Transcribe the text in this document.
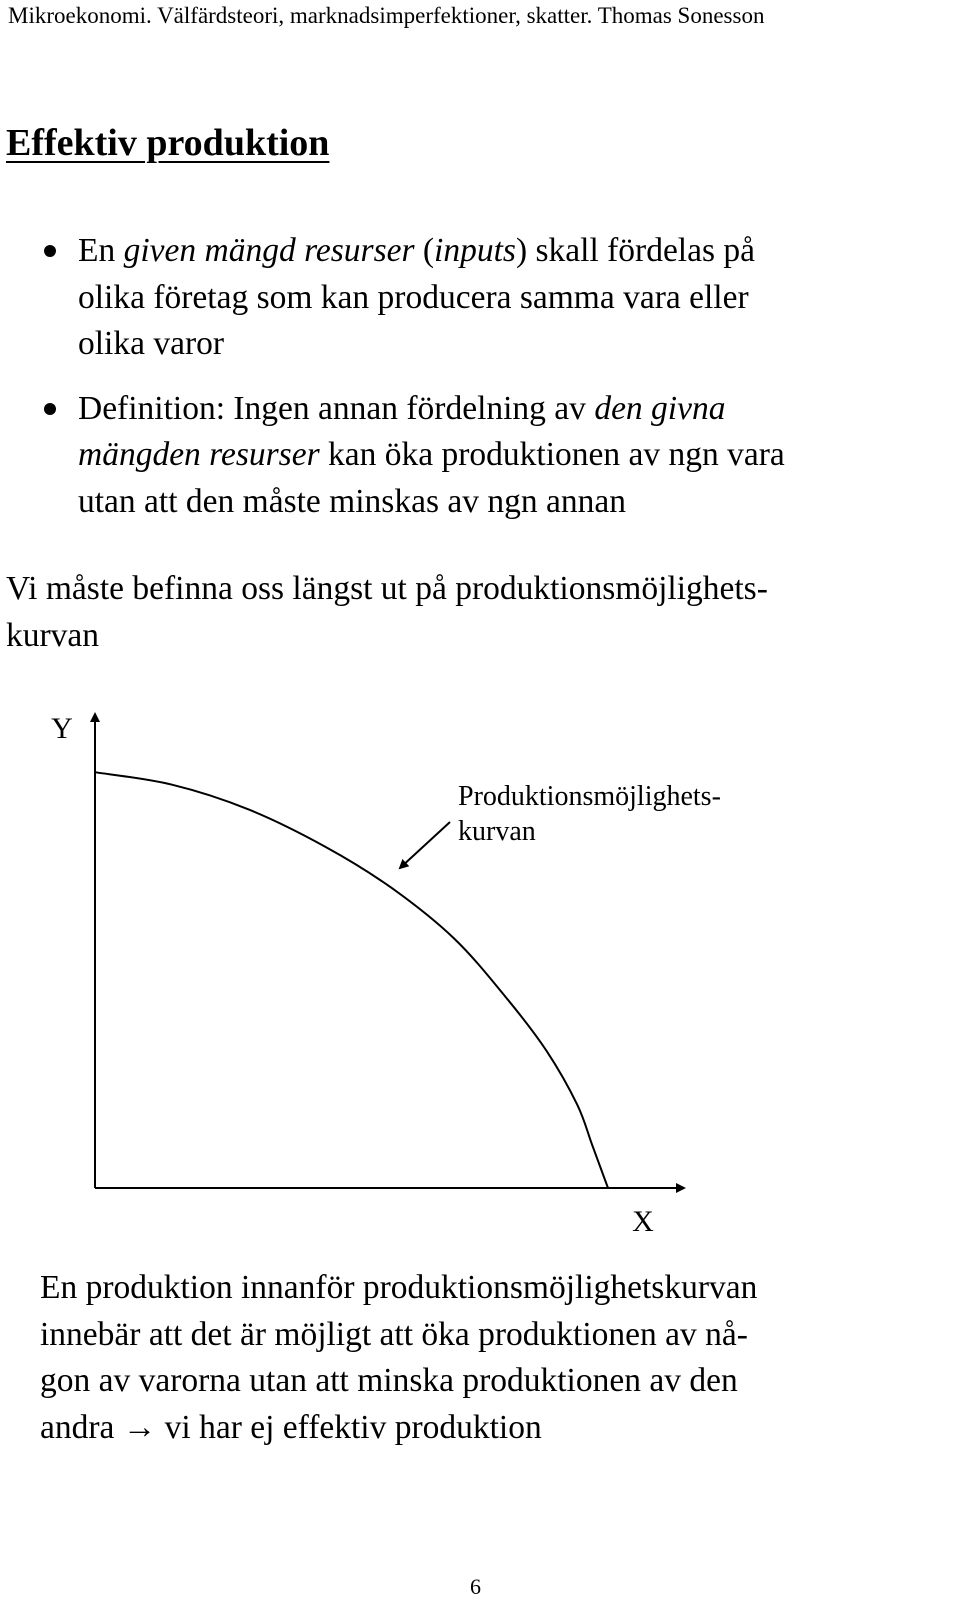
Mikroekonomi. Välfärdsteori, marknadsimperfektioner, skatter. Thomas Sonesson
Effektiv produktion
En given mängd resurser (inputs) skall fördelas på
olika företag som kan producera samma vara eller
olika varor
Definition: Ingen annan fördelning av den givna
mängden resurser kan öka produktionen av ngn vara
utan att den måste minskas av ngn annan
Vi måste befinna oss längst ut på produktionsmöjlighets-
kurvan
Y
X
Produktionsmöjlighets-
kurvan
En produktion innanför produktionsmöjlighetskurvan
innebär att det är möjligt att öka produktionen av nå-
gon av varorna utan att minska produktionen av den
andra → vi har ej effektiv produktion
6
